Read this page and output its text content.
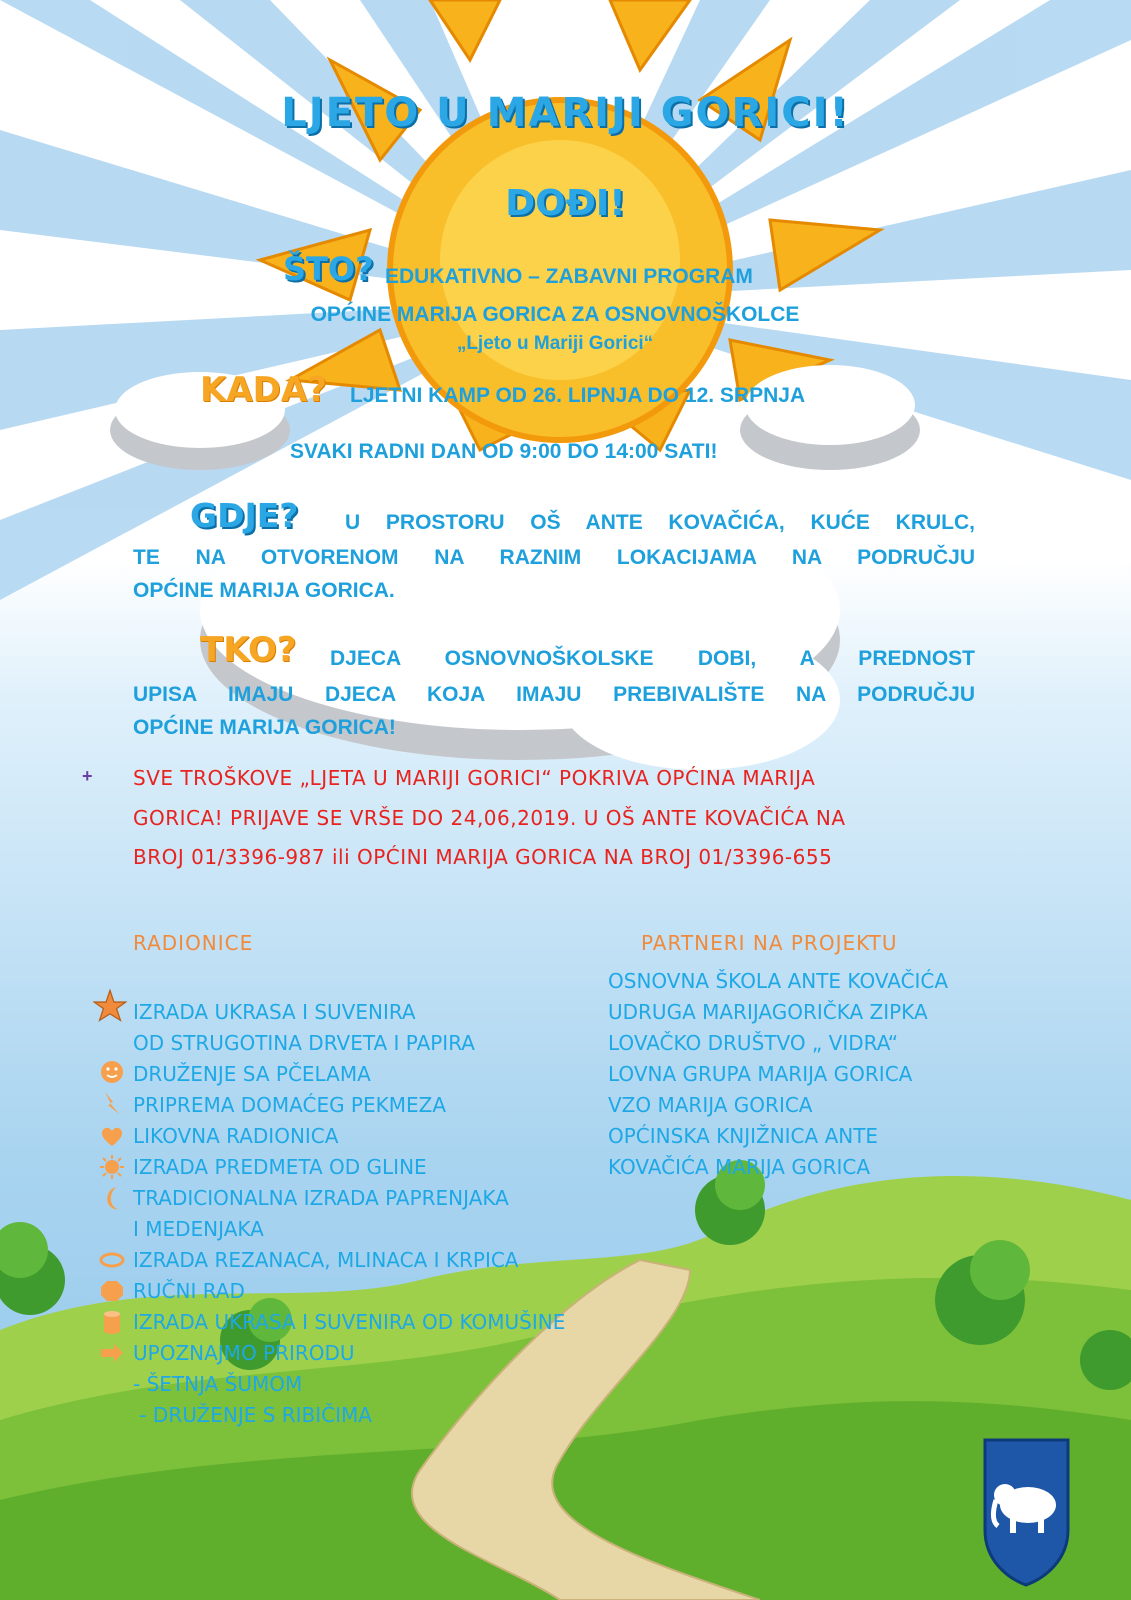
LJETO U MARIJI GORICI!
DOĐI!
ŠTO? EDUKATIVNO – ZABAVNI PROGRAM
OPĆINE MARIJA GORICA ZA OSNOVNOŠKOLCE
„Ljeto u Mariji Gorici“
KADA? LJETNI KAMP OD 26. LIPNJA DO 12. SRPNJA
SVAKI RADNI DAN OD 9:00 DO 14:00 SATI!
GDJE? U PROSTORU OŠ ANTE KOVAČIĆA, KUĆE KRULC,
TE NA OTVORENOM NA RAZNIM LOKACIJAMA NA PODRUČJU
OPĆINE MARIJA GORICA.
TKO? DJECA OSNOVNOŠKOLSKE DOBI, A PREDNOST
UPISA IMAJU DJECA KOJA IMAJU PREBIVALIŠTE NA PODRUČJU
OPĆINE MARIJA GORICA!
+ SVE TROŠKOVE „LJETA U MARIJI GORICI“ POKRIVA OPĆINA MARIJA
GORICA! PRIJAVE SE VRŠE DO 24,06,2019. U OŠ ANTE KOVAČIĆA NA
BROJ 01/3396-987 ili OPĆINI MARIJA GORICA NA BROJ 01/3396-655
RADIONICE
IZRADA UKRASA I SUVENIRA
OD STRUGOTINA DRVETA I PAPIRA
DRUŽENJE SA PČELAMA
PRIPREMA DOMAĆEG PEKMEZA
LIKOVNA RADIONICA
IZRADA PREDMETA OD GLINE
TRADICIONALNA IZRADA PAPRENJAKA
I MEDENJAKA
IZRADA REZANACA, MLINACA I KRPICA
RUČNI RAD
IZRADA UKRASA I SUVENIRA OD KOMUŠINE
UPOZNAJMO PRIRODU
- ŠETNJA ŠUMOM
- DRUŽENJE S RIBIČIMA
PARTNERI NA PROJEKTU
OSNOVNA ŠKOLA ANTE KOVAČIĆA
UDRUGA MARIJAGORIČKA ZIPKA
LOVAČKO DRUŠTVO „ VIDRA“
LOVNA GRUPA MARIJA GORICA
VZO MARIJA GORICA
OPĆINSKA KNJIŽNICA ANTE
KOVAČIĆA MARIJA GORICA
